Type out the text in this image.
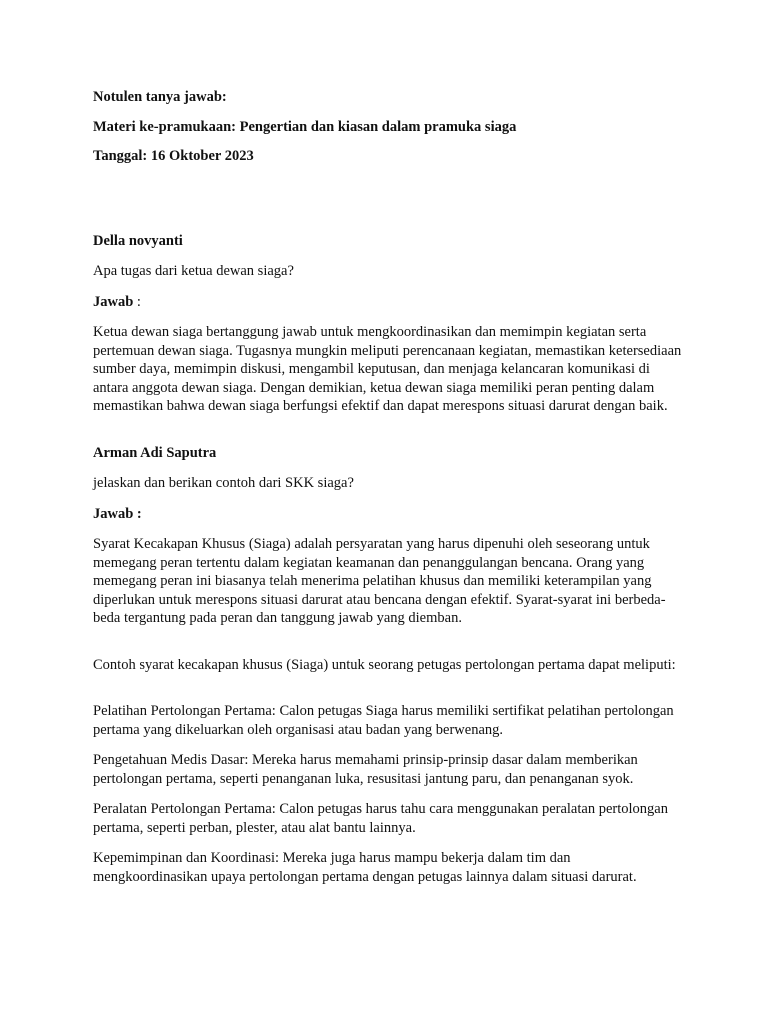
Notulen tanya jawab:

Materi ke-pramukaan: Pengertian dan kiasan dalam pramuka siaga

Tanggal: 16 Oktober 2023

Della novyanti

Apa tugas dari ketua dewan siaga?

Jawab :

Ketua dewan siaga bertanggung jawab untuk mengkoordinasikan dan memimpin kegiatan serta pertemuan dewan siaga. Tugasnya mungkin meliputi perencanaan kegiatan, memastikan ketersediaan sumber daya, memimpin diskusi, mengambil keputusan, dan menjaga kelancaran komunikasi di antara anggota dewan siaga. Dengan demikian, ketua dewan siaga memiliki peran penting dalam memastikan bahwa dewan siaga berfungsi efektif dan dapat merespons situasi darurat dengan baik.

Arman Adi Saputra

jelaskan dan berikan contoh dari SKK siaga?

Jawab :

Syarat Kecakapan Khusus (Siaga) adalah persyaratan yang harus dipenuhi oleh seseorang untuk memegang peran tertentu dalam kegiatan keamanan dan penanggulangan bencana. Orang yang memegang peran ini biasanya telah menerima pelatihan khusus dan memiliki keterampilan yang diperlukan untuk merespons situasi darurat atau bencana dengan efektif. Syarat-syarat ini berbeda-beda tergantung pada peran dan tanggung jawab yang diemban.

Contoh syarat kecakapan khusus (Siaga) untuk seorang petugas pertolongan pertama dapat meliputi:

Pelatihan Pertolongan Pertama: Calon petugas Siaga harus memiliki sertifikat pelatihan pertolongan pertama yang dikeluarkan oleh organisasi atau badan yang berwenang.

Pengetahuan Medis Dasar: Mereka harus memahami prinsip-prinsip dasar dalam memberikan pertolongan pertama, seperti penanganan luka, resusitasi jantung paru, dan penanganan syok.

Peralatan Pertolongan Pertama: Calon petugas harus tahu cara menggunakan peralatan pertolongan pertama, seperti perban, plester, atau alat bantu lainnya.

Kepemimpinan dan Koordinasi: Mereka juga harus mampu bekerja dalam tim dan mengkoordinasikan upaya pertolongan pertama dengan petugas lainnya dalam situasi darurat.
